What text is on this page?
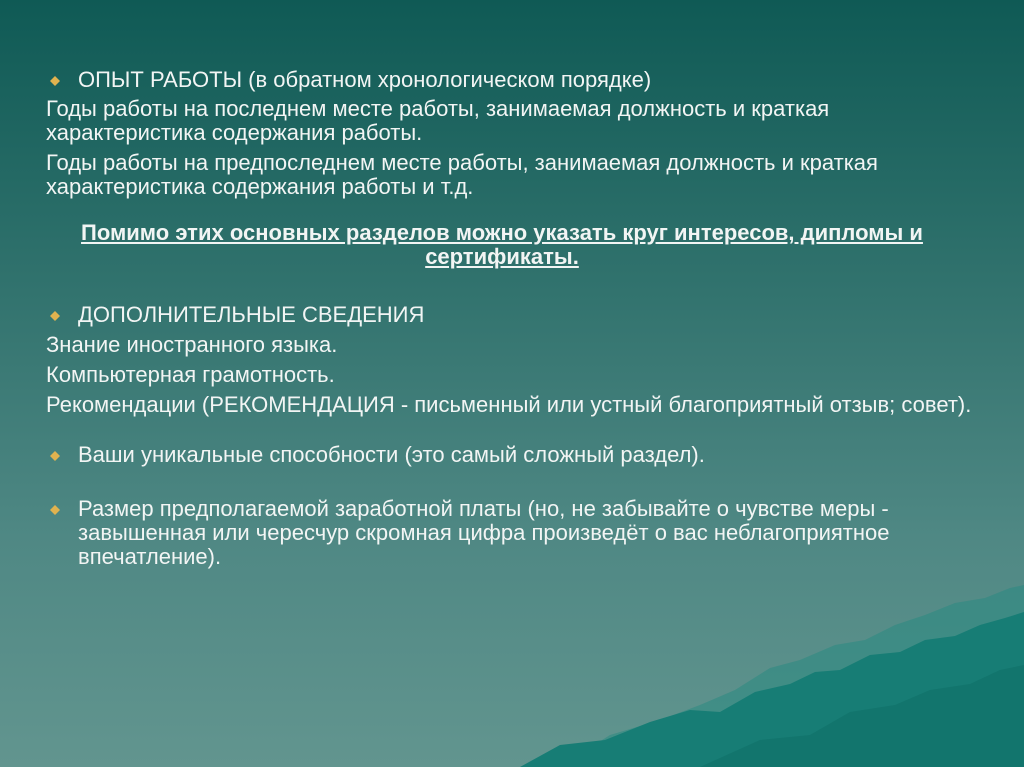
ОПЫТ РАБОТЫ (в обратном хронологическом порядке)
Годы работы на последнем месте работы, занимаемая должность и краткая характеристика содержания работы.
Годы работы на предпоследнем месте работы, занимаемая должность и краткая характеристика содержания работы и т.д.
Помимо этих основных разделов можно указать круг интересов, дипломы и сертификаты.
ДОПОЛНИТЕЛЬНЫЕ СВЕДЕНИЯ
Знание иностранного языка.
Компьютерная грамотность.
Рекомендации (РЕКОМЕНДАЦИЯ - письменный или устный благоприятный отзыв; совет).
Ваши уникальные способности (это самый сложный раздел).
Размер предполагаемой заработной платы (но, не забывайте о чувстве меры - завышенная или чересчур скромная цифра произведёт о вас неблагоприятное впечатление).
